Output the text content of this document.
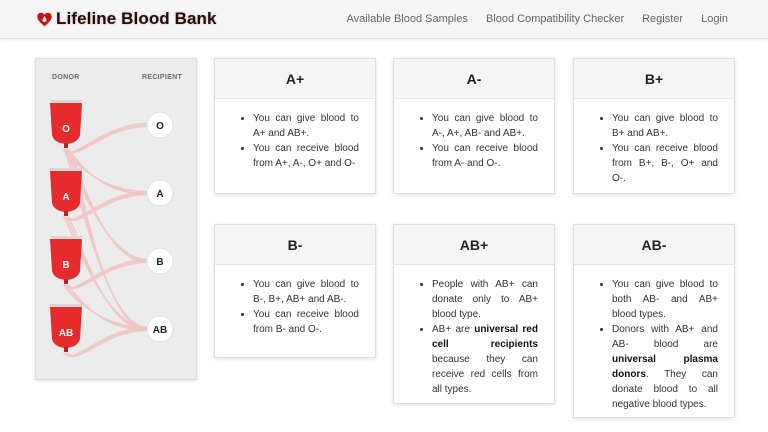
Lifeline Blood Bank	Available Blood Samples Blood Compatibility Checker Register Login
DONOR	RECIPIENT
O
A
B
AB
O
A
B
AB
A+
• You can give blood to A+ and AB+.
• You can receive blood from A+, A-, O+ and O-
A-
• You can give blood to A-, A+, AB- and AB+.
• You can receive blood from A- and O-.
B+
• You can give blood to B+ and AB+.
• You can receive blood from B+, B-, O+ and O-.
B-
• You can give blood to B-, B+, AB+ and AB-.
• You can receive blood from B- and O-.
AB+
• People with AB+ can donate only to AB+ blood type.
• AB+ are universal red cell recipients because they can receive red cells from all types.
AB-
• You can give blood to both AB- and AB+ blood types.
• Donors with AB+ and AB- blood are universal plasma donors. They can donate blood to all negative blood types.
